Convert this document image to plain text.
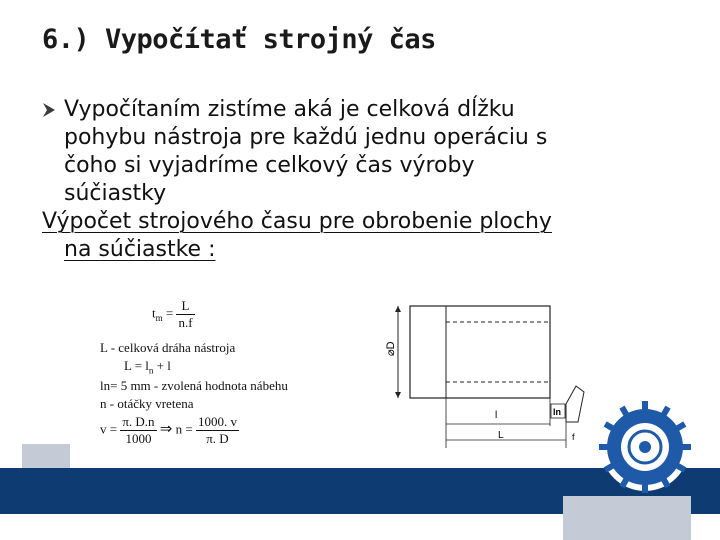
6.) Vypočítať strojný čas
Vypočítaním zistíme aká je celková dĺžku
pohybu nástroja pre každú jednu operáciu s
čoho si vyjadríme celkový čas výroby
súčiastky
Výpočet strojového času pre obrobenie plochy
na súčiastke :
$t_m = \frac{L}{n.f}$
L - celková dráha nástroja
$L = l_n + l$
ln= 5 mm - zvolená hodnota nábehu
n - otáčky vretena
$v = \frac{\pi. D.n}{1000}$ ⇒ $n = \frac{1000. v}{\pi. D}$
⌀D
l
L
ln
f
